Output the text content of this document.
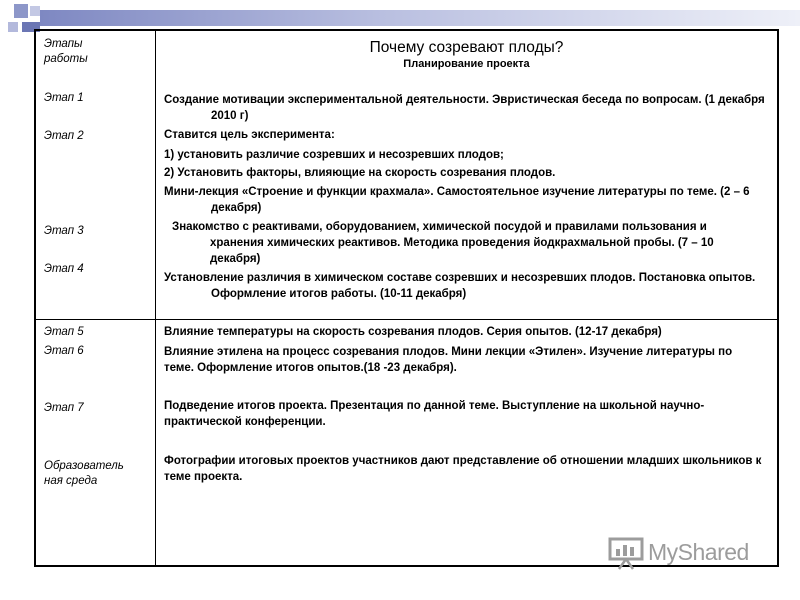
Этапы
работы

Этап 1

Этап 2

Этап 3

Этап 4

Этап 5

Этап 6

Этап 7

Образователь
ная среда

Почему созревают плоды?
Планирование проекта

Создание мотивации экспериментальной деятельности. Эвристическая беседа по вопросам. (1 декабря 2010 г)

Ставится цель эксперимента:

1) установить различие созревших и несозревших плодов;

2) Установить факторы, влияющие на скорость созревания плодов.

Мини-лекция «Строение и функции крахмала». Самостоятельное изучение литературы по теме. (2 – 6 декабря)

Знакомство с реактивами, оборудованием, химической посудой и правилами пользования и хранения химических реактивов. Методика проведения йодкрахмальной пробы. (7 – 10 декабря)

Установление различия в химическом составе созревших и несозревших плодов. Постановка опытов. Оформление итогов работы. (10-11 декабря)

Влияние температуры на скорость созревания плодов. Серия опытов. (12-17 декабря)

Влияние этилена на процесс созревания плодов. Мини лекции «Этилен». Изучение литературы по теме. Оформление итогов опытов.(18 -23 декабря).

Подведение итогов проекта. Презентация по данной теме. Выступление на школьной научно-практической конференции.

Фотографии итоговых проектов участников дают представление об отношении младших школьников к теме проекта.

MyShared
